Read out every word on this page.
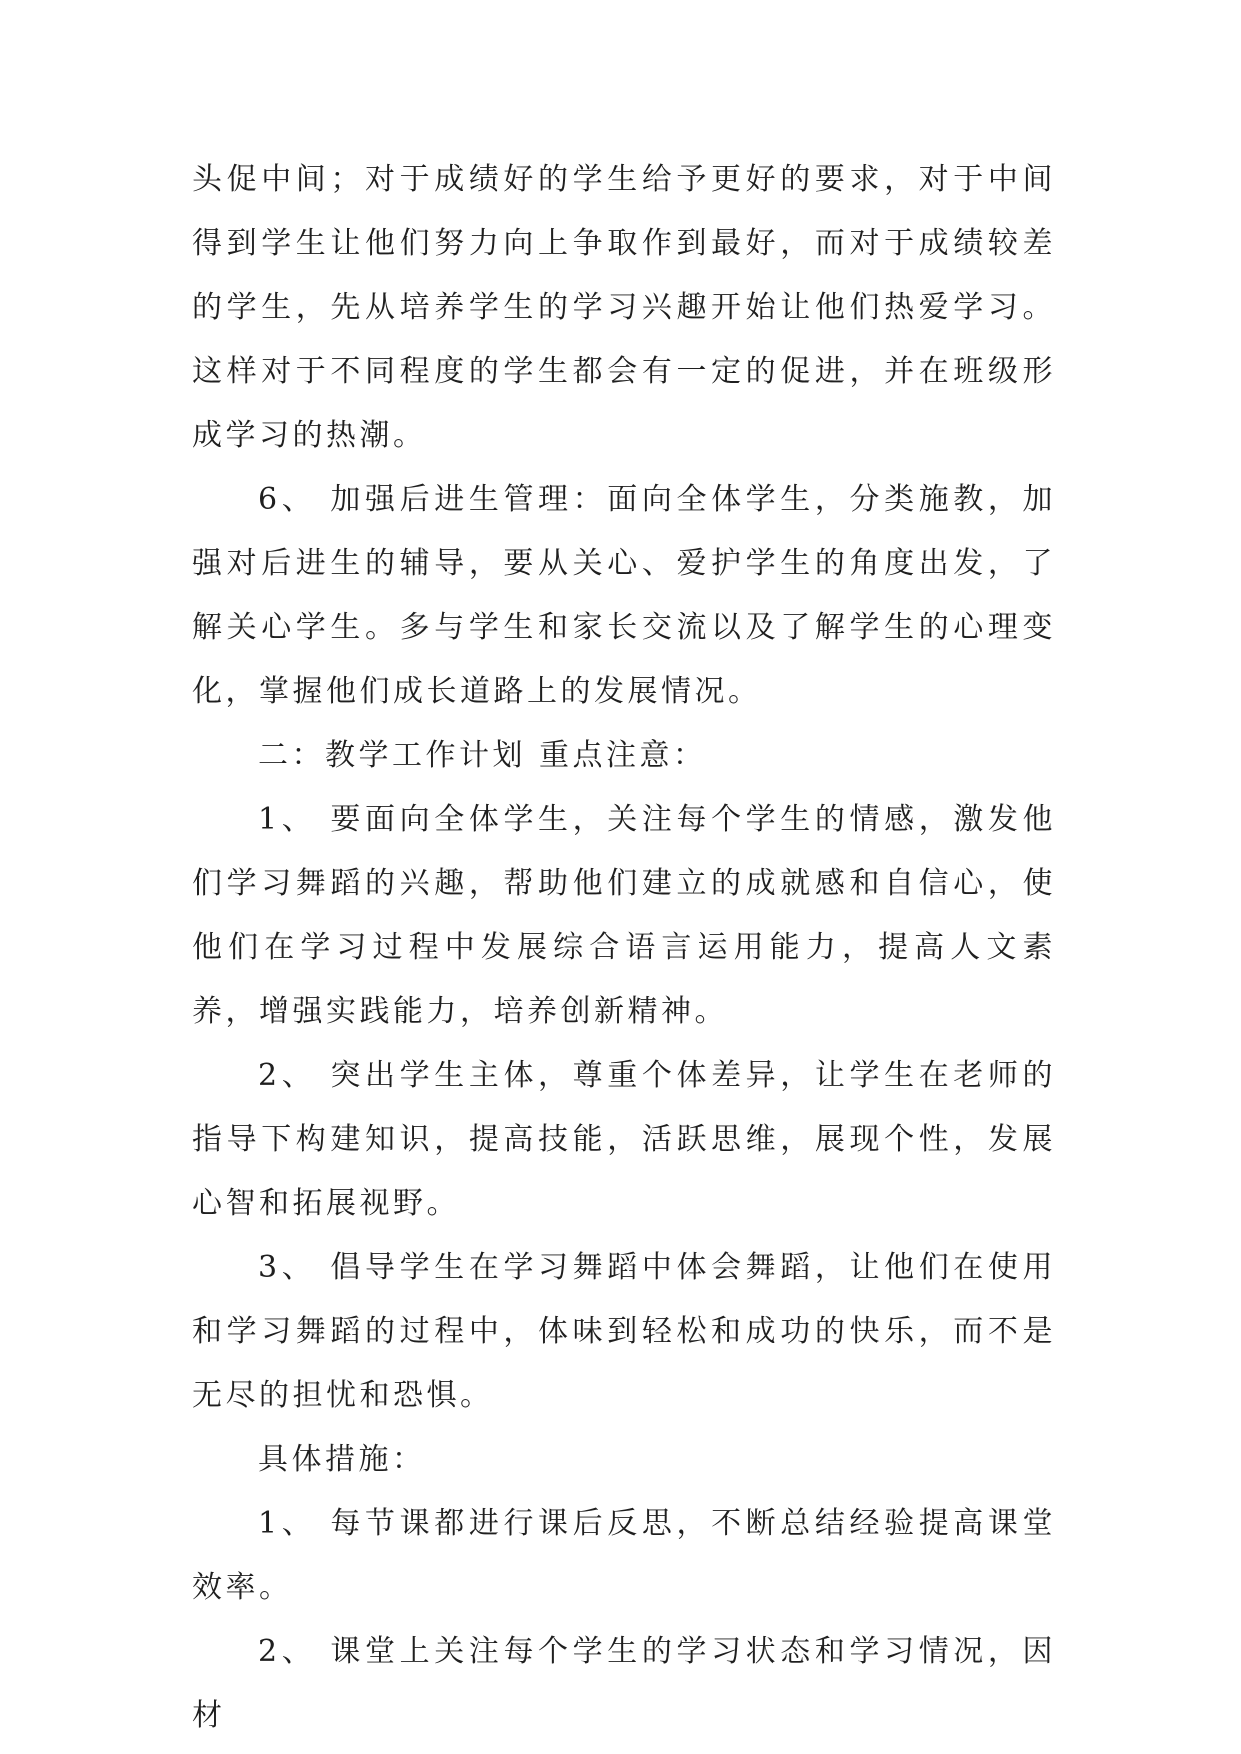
头促中间；对于成绩好的学生给予更好的要求，对于中间得到学生让他们努力向上争取作到最好，而对于成绩较差的学生，先从培养学生的学习兴趣开始让他们热爱学习。这样对于不同程度的学生都会有一定的促进，并在班级形成学习的热潮。

6、 加强后进生管理：面向全体学生，分类施教，加强对后进生的辅导，要从关心、爱护学生的角度出发，了解关心学生。多与学生和家长交流以及了解学生的心理变化，掌握他们成长道路上的发展情况。

二：教学工作计划 重点注意：

1、 要面向全体学生，关注每个学生的情感，激发他们学习舞蹈的兴趣，帮助他们建立的成就感和自信心，使他们在学习过程中发展综合语言运用能力，提高人文素养，增强实践能力，培养创新精神。

2、 突出学生主体，尊重个体差异，让学生在老师的指导下构建知识，提高技能，活跃思维，展现个性，发展心智和拓展视野。

3、 倡导学生在学习舞蹈中体会舞蹈，让他们在使用和学习舞蹈的过程中，体味到轻松和成功的快乐，而不是无尽的担忧和恐惧。

具体措施：

1、 每节课都进行课后反思，不断总结经验提高课堂效率。

2、 课堂上关注每个学生的学习状态和学习情况，因材
